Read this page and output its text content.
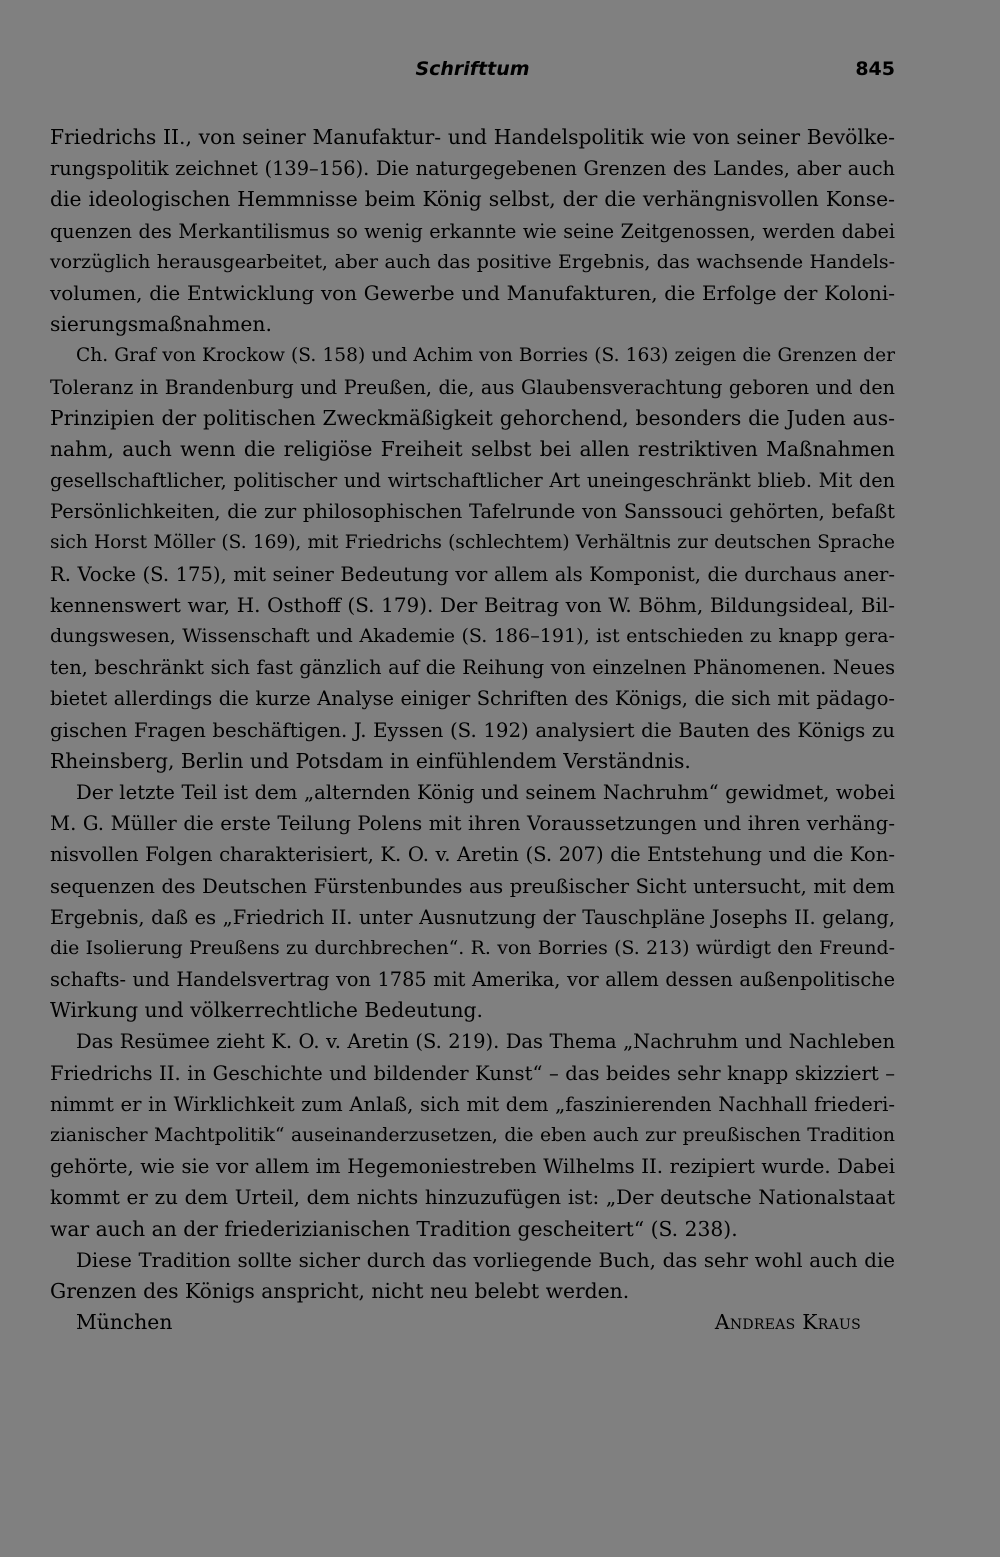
Schrifttum	845
Friedrichs II., von seiner Manufaktur- und Handelspolitik wie von seiner Bevölke-
rungspolitik zeichnet (139–156). Die naturgegebenen Grenzen des Landes, aber auch
die ideologischen Hemmnisse beim König selbst, der die verhängnisvollen Konse-
quenzen des Merkantilismus so wenig erkannte wie seine Zeitgenossen, werden dabei
vorzüglich herausgearbeitet, aber auch das positive Ergebnis, das wachsende Handels-
volumen, die Entwicklung von Gewerbe und Manufakturen, die Erfolge der Koloni-
sierungsmaßnahmen.
Ch. Graf von Krockow (S. 158) und Achim von Borries (S. 163) zeigen die Grenzen der
Toleranz in Brandenburg und Preußen, die, aus Glaubensverachtung geboren und den
Prinzipien der politischen Zweckmäßigkeit gehorchend, besonders die Juden aus-
nahm, auch wenn die religiöse Freiheit selbst bei allen restriktiven Maßnahmen
gesellschaftlicher, politischer und wirtschaftlicher Art uneingeschränkt blieb. Mit den
Persönlichkeiten, die zur philosophischen Tafelrunde von Sanssouci gehörten, befaßt
sich Horst Möller (S. 169), mit Friedrichs (schlechtem) Verhältnis zur deutschen Sprache
R. Vocke (S. 175), mit seiner Bedeutung vor allem als Komponist, die durchaus aner-
kennenswert war, H. Osthoff (S. 179). Der Beitrag von W. Böhm, Bildungsideal, Bil-
dungswesen, Wissenschaft und Akademie (S. 186–191), ist entschieden zu knapp gera-
ten, beschränkt sich fast gänzlich auf die Reihung von einzelnen Phänomenen. Neues
bietet allerdings die kurze Analyse einiger Schriften des Königs, die sich mit pädago-
gischen Fragen beschäftigen. J. Eyssen (S. 192) analysiert die Bauten des Königs zu
Rheinsberg, Berlin und Potsdam in einfühlendem Verständnis.
Der letzte Teil ist dem „alternden König und seinem Nachruhm“ gewidmet, wobei
M. G. Müller die erste Teilung Polens mit ihren Voraussetzungen und ihren verhäng-
nisvollen Folgen charakterisiert, K. O. v. Aretin (S. 207) die Entstehung und die Kon-
sequenzen des Deutschen Fürstenbundes aus preußischer Sicht untersucht, mit dem
Ergebnis, daß es „Friedrich II. unter Ausnutzung der Tauschpläne Josephs II. gelang,
die Isolierung Preußens zu durchbrechen“. R. von Borries (S. 213) würdigt den Freund-
schafts- und Handelsvertrag von 1785 mit Amerika, vor allem dessen außenpolitische
Wirkung und völkerrechtliche Bedeutung.
Das Resümee zieht K. O. v. Aretin (S. 219). Das Thema „Nachruhm und Nachleben
Friedrichs II. in Geschichte und bildender Kunst“ – das beides sehr knapp skizziert –
nimmt er in Wirklichkeit zum Anlaß, sich mit dem „faszinierenden Nachhall friederi-
zianischer Machtpolitik“ auseinanderzusetzen, die eben auch zur preußischen Tradition
gehörte, wie sie vor allem im Hegemoniestreben Wilhelms II. rezipiert wurde. Dabei
kommt er zu dem Urteil, dem nichts hinzuzufügen ist: „Der deutsche Nationalstaat
war auch an der friederizianischen Tradition gescheitert“ (S. 238).
Diese Tradition sollte sicher durch das vorliegende Buch, das sehr wohl auch die
Grenzen des Königs anspricht, nicht neu belebt werden.
München	Andreas Kraus
